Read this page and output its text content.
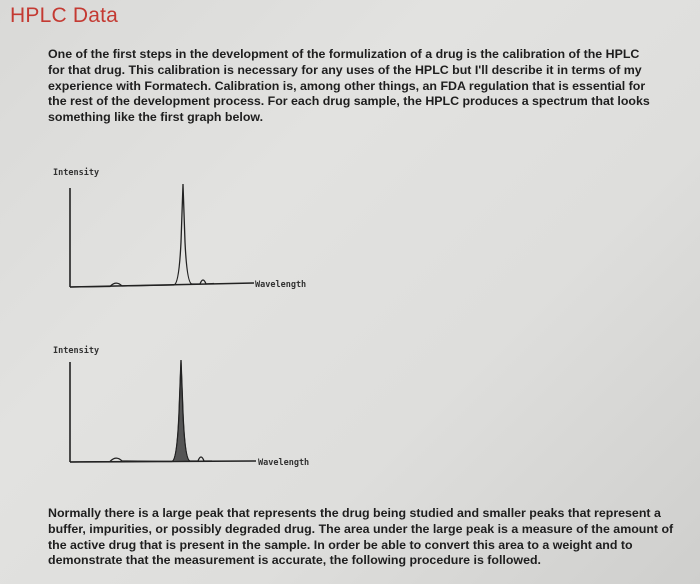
HPLC Data

One of the first steps in the development of the formulization of a drug is the calibration of the HPLC for that drug. This calibration is necessary for any uses of the HPLC but I'll describe it in terms of my experience with Formatech. Calibration is, among other things, an FDA regulation that is essential for the rest of the development process. For each drug sample, the HPLC produces a spectrum that looks something like the first graph below.

Intensity
Wavelength
Intensity
Wavelength

Normally there is a large peak that represents the drug being studied and smaller peaks that represent a buffer, impurities, or possibly degraded drug. The area under the large peak is a measure of the amount of the active drug that is present in the sample. In order be able to convert this area to a weight and to demonstrate that the measurement is accurate, the following procedure is followed.
